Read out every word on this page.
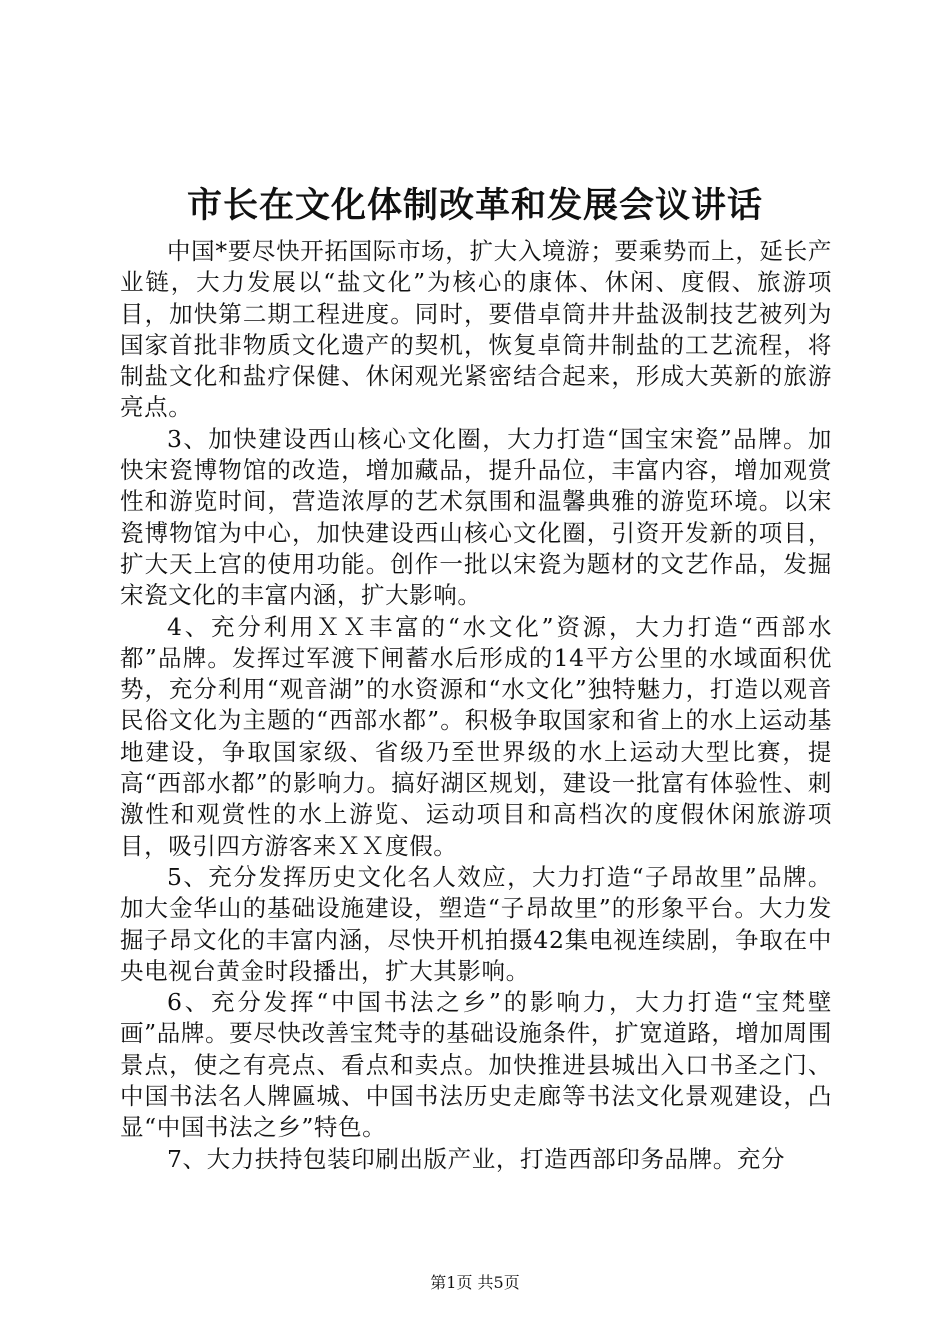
市长在文化体制改革和发展会议讲话

中国*要尽快开拓国际市场，扩大入境游；要乘势而上，延长产业链，大力发展以“盐文化”为核心的康体、休闲、度假、旅游项目，加快第二期工程进度。同时，要借卓筒井井盐汲制技艺被列为国家首批非物质文化遗产的契机，恢复卓筒井制盐的工艺流程，将制盐文化和盐疗保健、休闲观光紧密结合起来，形成大英新的旅游亮点。

3、加快建设西山核心文化圈，大力打造“国宝宋瓷”品牌。加快宋瓷博物馆的改造，增加藏品，提升品位，丰富内容，增加观赏性和游览时间，营造浓厚的艺术氛围和温馨典雅的游览环境。以宋瓷博物馆为中心，加快建设西山核心文化圈，引资开发新的项目，扩大天上宫的使用功能。创作一批以宋瓷为题材的文艺作品，发掘宋瓷文化的丰富内涵，扩大影响。

4、充分利用ＸＸ丰富的“水文化”资源，大力打造“西部水都”品牌。发挥过军渡下闸蓄水后形成的14平方公里的水域面积优势，充分利用“观音湖”的水资源和“水文化”独特魅力，打造以观音民俗文化为主题的“西部水都”。积极争取国家和省上的水上运动基地建设，争取国家级、省级乃至世界级的水上运动大型比赛，提高“西部水都”的影响力。搞好湖区规划，建设一批富有体验性、刺激性和观赏性的水上游览、运动项目和高档次的度假休闲旅游项目，吸引四方游客来ＸＸ度假。

5、充分发挥历史文化名人效应，大力打造“子昂故里”品牌。加大金华山的基础设施建设，塑造“子昂故里”的形象平台。大力发掘子昂文化的丰富内涵，尽快开机拍摄42集电视连续剧，争取在中央电视台黄金时段播出，扩大其影响。

6、充分发挥“中国书法之乡”的影响力，大力打造“宝梵壁画”品牌。要尽快改善宝梵寺的基础设施条件，扩宽道路，增加周围景点，使之有亮点、看点和卖点。加快推进县城出入口书圣之门、中国书法名人牌匾城、中国书法历史走廊等书法文化景观建设，凸显“中国书法之乡”特色。

7、大力扶持包装印刷出版产业，打造西部印务品牌。充分

第1页 共5页
